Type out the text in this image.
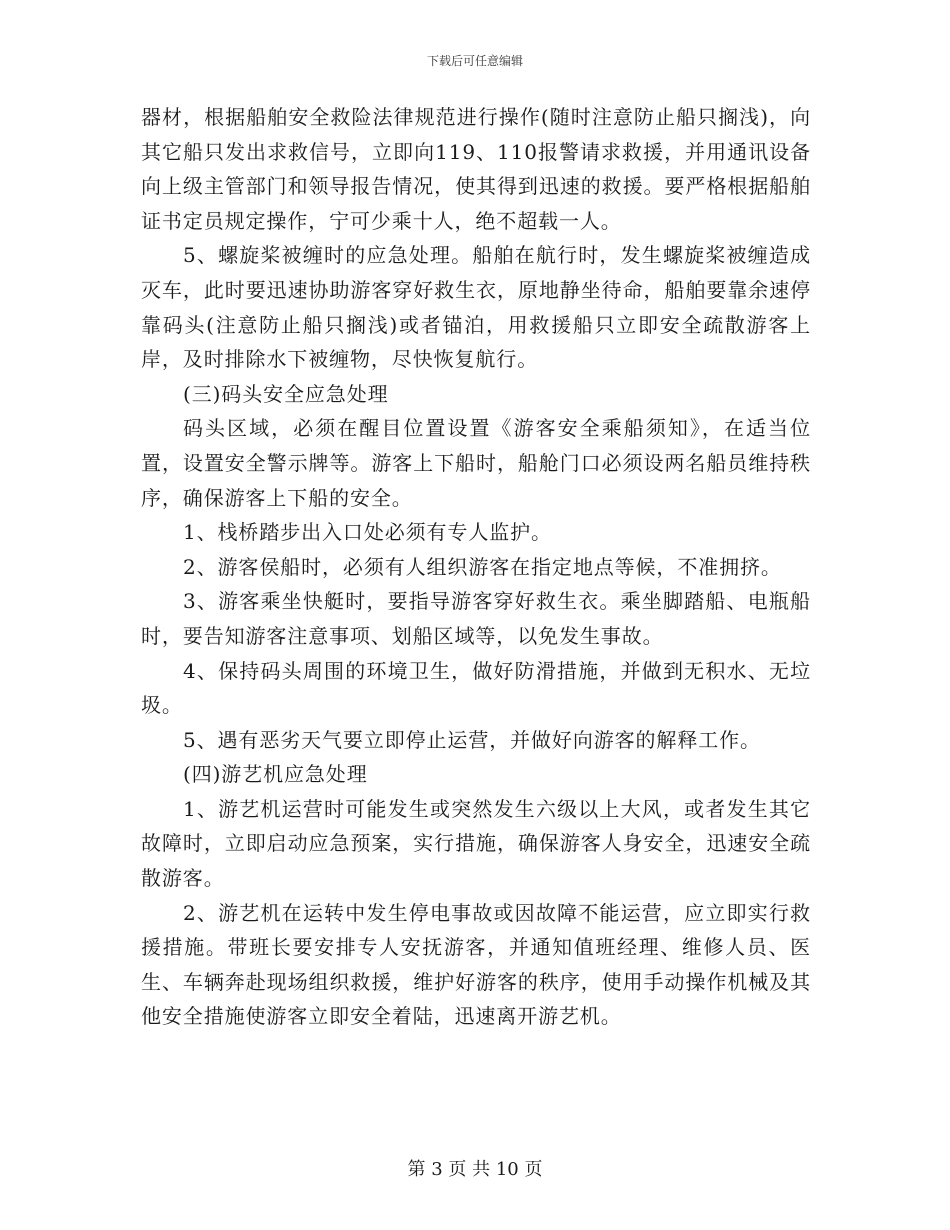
下载后可任意编辑

器材，根据船舶安全救险法律规范进行操作(随时注意防止船只搁浅)，向其它船只发出求救信号，立即向119、110报警请求救援，并用通讯设备向上级主管部门和领导报告情况，使其得到迅速的救援。要严格根据船舶证书定员规定操作，宁可少乘十人，绝不超载一人。

5、螺旋桨被缠时的应急处理。船舶在航行时，发生螺旋桨被缠造成灭车，此时要迅速协助游客穿好救生衣，原地静坐待命，船舶要靠余速停靠码头(注意防止船只搁浅)或者锚泊，用救援船只立即安全疏散游客上岸，及时排除水下被缠物，尽快恢复航行。

(三)码头安全应急处理

码头区域，必须在醒目位置设置《游客安全乘船须知》，在适当位置，设置安全警示牌等。游客上下船时，船舱门口必须设两名船员维持秩序，确保游客上下船的安全。

1、栈桥踏步出入口处必须有专人监护。

2、游客侯船时，必须有人组织游客在指定地点等候，不准拥挤。

3、游客乘坐快艇时，要指导游客穿好救生衣。乘坐脚踏船、电瓶船时，要告知游客注意事项、划船区域等，以免发生事故。

4、保持码头周围的环境卫生，做好防滑措施，并做到无积水、无垃圾。

5、遇有恶劣天气要立即停止运营，并做好向游客的解释工作。

(四)游艺机应急处理

1、游艺机运营时可能发生或突然发生六级以上大风，或者发生其它故障时，立即启动应急预案，实行措施，确保游客人身安全，迅速安全疏散游客。

2、游艺机在运转中发生停电事故或因故障不能运营，应立即实行救援措施。带班长要安排专人安抚游客，并通知值班经理、维修人员、医生、车辆奔赴现场组织救援，维护好游客的秩序，使用手动操作机械及其他安全措施使游客立即安全着陆，迅速离开游艺机。

第 3 页 共 10 页
